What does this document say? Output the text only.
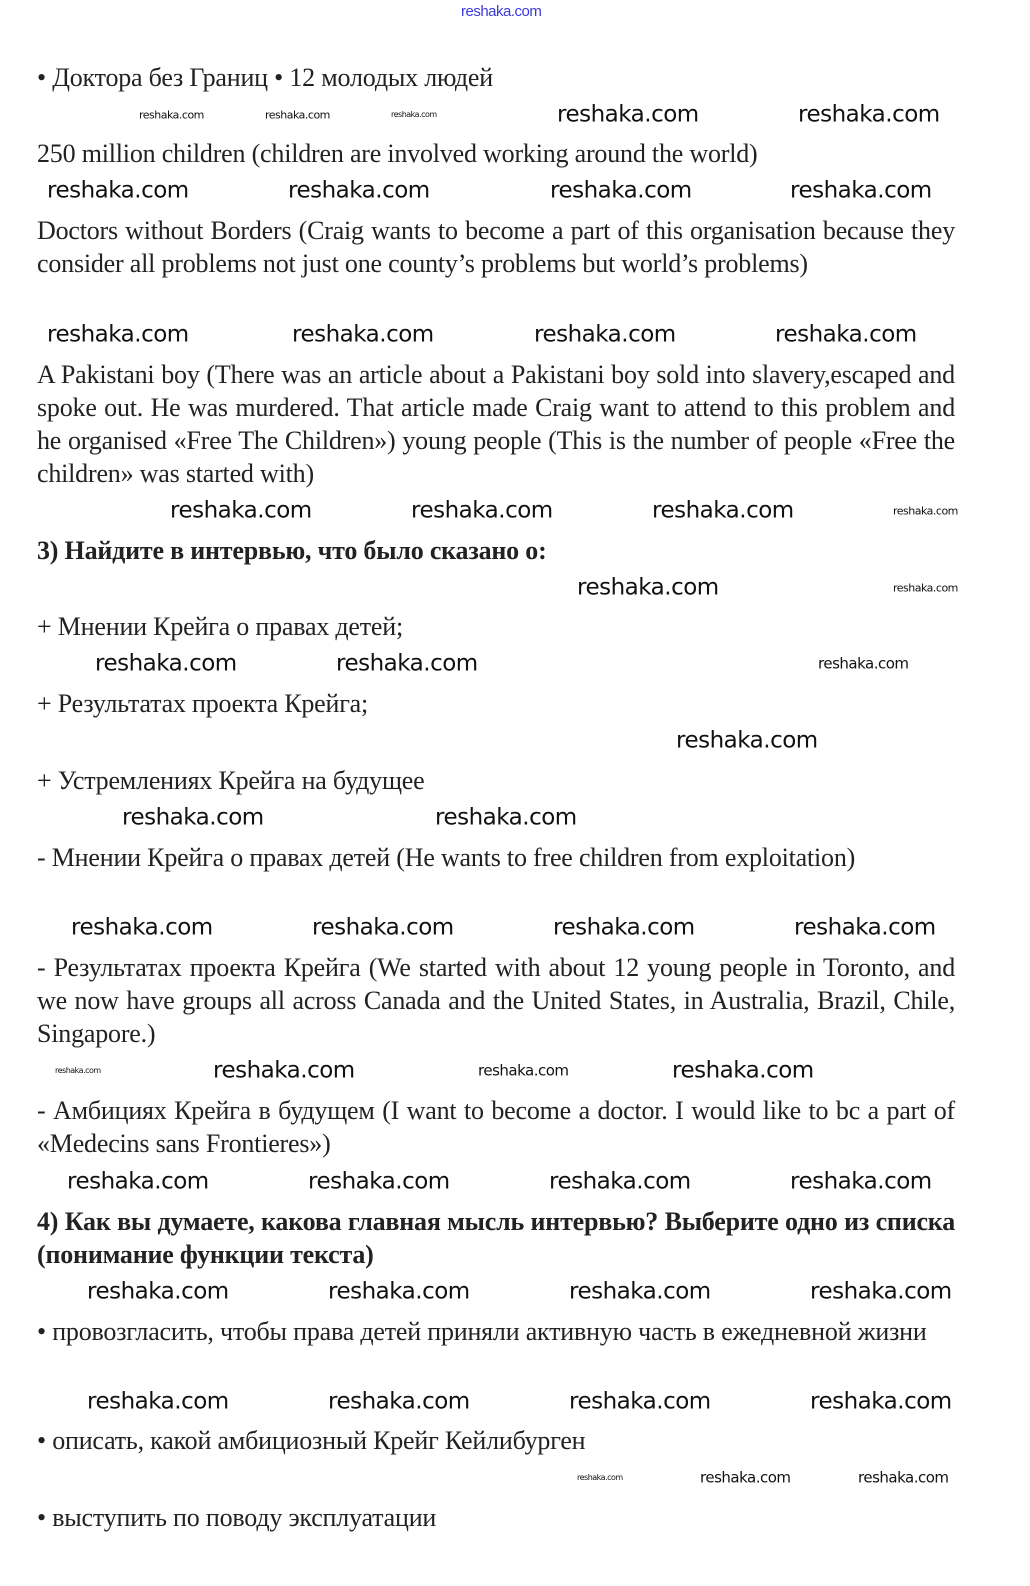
reshaka.com
• Доктора без Границ • 12 молодых людей
250 million children (children are involved working around the world)
Doctors without Borders (Craig wants to become a part of this organisation because they consider all problems not just one county’s problems but world’s problems)
A Pakistani boy (There was an article about a Pakistani boy sold into slavery,escaped and spoke out. He was murdered. That article made Craig want to attend to this problem and he organised «Free The Children») young people (This is the number of people «Free the children» was started with)
3) Найдите в интервью, что было сказано о:
+ Мнении Крейга о правах детей;
+ Результатах проекта Крейга;
+ Устремлениях Крейга на будущее
- Мнении Крейга о правах детей (He wants to free children from exploitation)
- Результатах проекта Крейга (We started with about 12 young people in Toronto, and we now have groups all across Canada and the United States, in Australia, Brazil, Chile, Singapore.)
- Амбициях Крейга в будущем (I want to become a doctor. I would like to bc a part of «Medecins sans Frontieres»)
4) Как вы думаете, какова главная мысль интервью? Выберите одно из списка (понимание функции текста)
• провозгласить, чтобы права детей приняли активную часть в ежедневной жизни
• описать, какой амбициозный Крейг Кейлибурген
• выступить по поводу эксплуатации
reshaka.com	reshaka.com
reshaka.com	reshaka.com	reshaka.com
reshaka.com	reshaka.com	reshaka.com	reshaka.com
reshaka.com	reshaka.com	reshaka.com	reshaka.com
reshaka.com
reshaka.com	reshaka.com	reshaka.com	reshaka.com
reshaka.com
reshaka.com
reshaka.com	reshaka.com
reshaka.com
reshaka.com	reshaka.com
reshaka.com
reshaka.com	reshaka.com
reshaka.com
reshaka.com	reshaka.com
reshaka.com
reshaka.com
reshaka.com	reshaka.com
reshaka.com	reshaka.com
reshaka.com	reshaka.com
reshaka.com	reshaka.com
reshaka.com	reshaka.com
reshaka.com	reshaka.com
reshaka.com	reshaka.com	reshaka.com
